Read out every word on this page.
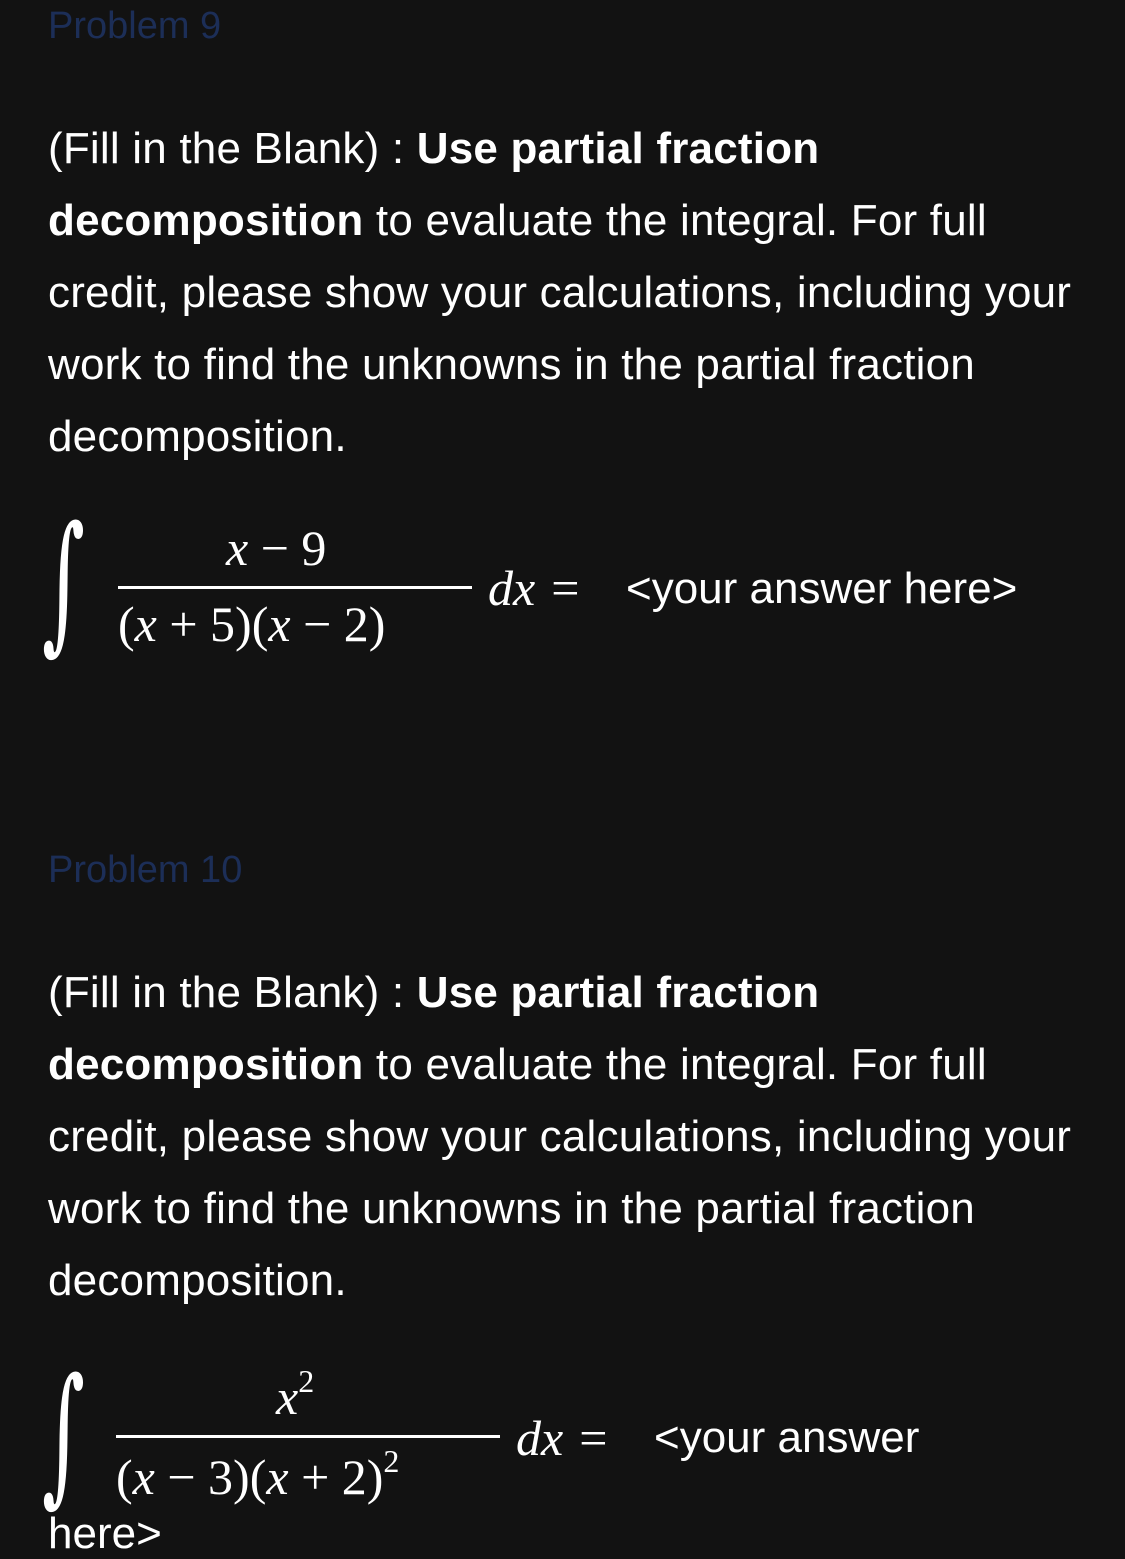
Problem 9
(Fill in the Blank) : Use partial fraction
decomposition to evaluate the integral. For full credit, please show your calculations, including your work to find the unknowns in the partial fraction decomposition.
∫	x − 9
(x + 5)(x − 2)
dx =	<your answer here>
Problem 10
(Fill in the Blank) : Use partial fraction
decomposition to evaluate the integral. For full credit, please show your calculations, including your work to find the unknowns in the partial fraction decomposition.
∫	$x^2$
$(x - 3)(x + 2)^2$ dx =	<your answer
here>
